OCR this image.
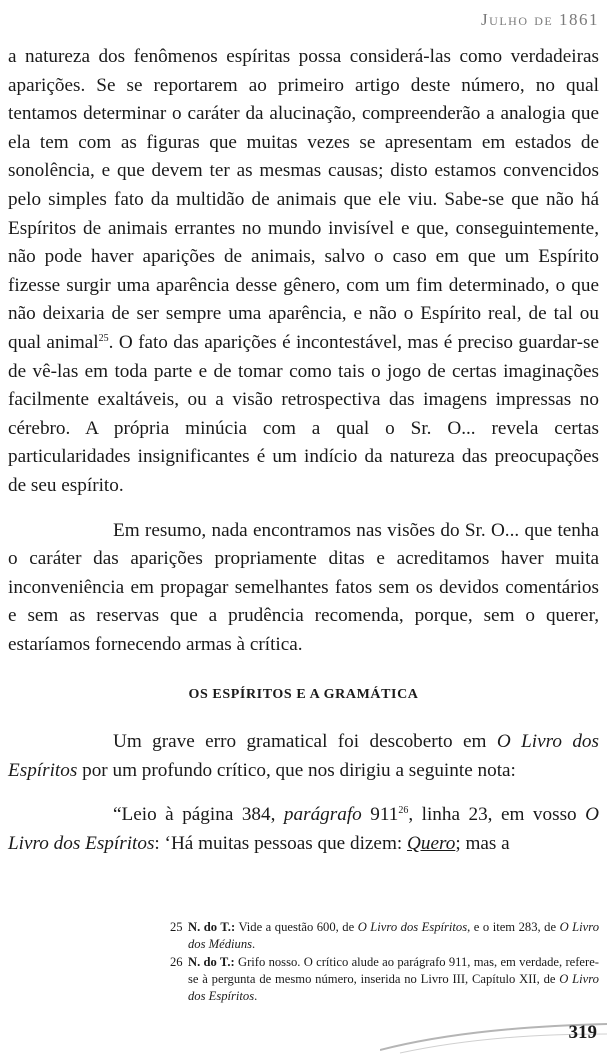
Julho de 1861

a natureza dos fenômenos espíritas possa considerá-las como verdadeiras aparições. Se se reportarem ao primeiro artigo deste número, no qual tentamos determinar o caráter da alucinação, compreenderão a analogia que ela tem com as figuras que muitas vezes se apresentam em estados de sonolência, e que devem ter as mesmas causas; disto estamos convencidos pelo simples fato da multidão de animais que ele viu. Sabe-se que não há Espíritos de animais errantes no mundo invisível e que, conseguintemente, não pode haver aparições de animais, salvo o caso em que um Espírito fizesse surgir uma aparência desse gênero, com um fim determinado, o que não deixaria de ser sempre uma aparência, e não o Espírito real, de tal ou qual animal$^{25}$. O fato das aparições é incontestável, mas é preciso guardar-se de vê-las em toda parte e de tomar como tais o jogo de certas imaginações facilmente exaltáveis, ou a visão retrospectiva das imagens impressas no cérebro. A própria minúcia com a qual o Sr. O... revela certas particularidades insignificantes é um indício da natureza das preocupações de seu espírito.

Em resumo, nada encontramos nas visões do Sr. O... que tenha o caráter das aparições propriamente ditas e acreditamos haver muita inconveniência em propagar semelhantes fatos sem os devidos comentários e sem as reservas que a prudência recomenda, porque, sem o querer, estaríamos fornecendo armas à crítica.

OS ESPÍRITOS E A GRAMÁTICA

Um grave erro gramatical foi descoberto em O Livro dos Espíritos por um profundo crítico, que nos dirigiu a seguinte nota:

“Leio à página 384, parágrafo 911$^{26}$, linha 23, em vosso O Livro dos Espíritos: ‘Há muitas pessoas que dizem: Quero; mas a

25 N. do T.: Vide a questão 600, de O Livro dos Espíritos, e o item 283, de O Livro dos Médiuns.
26 N. do T.: Grifo nosso. O crítico alude ao parágrafo 911, mas, em verdade, refere-se à pergunta de mesmo número, inserida no Livro III, Capítulo XII, de O Livro dos Espíritos.
319
